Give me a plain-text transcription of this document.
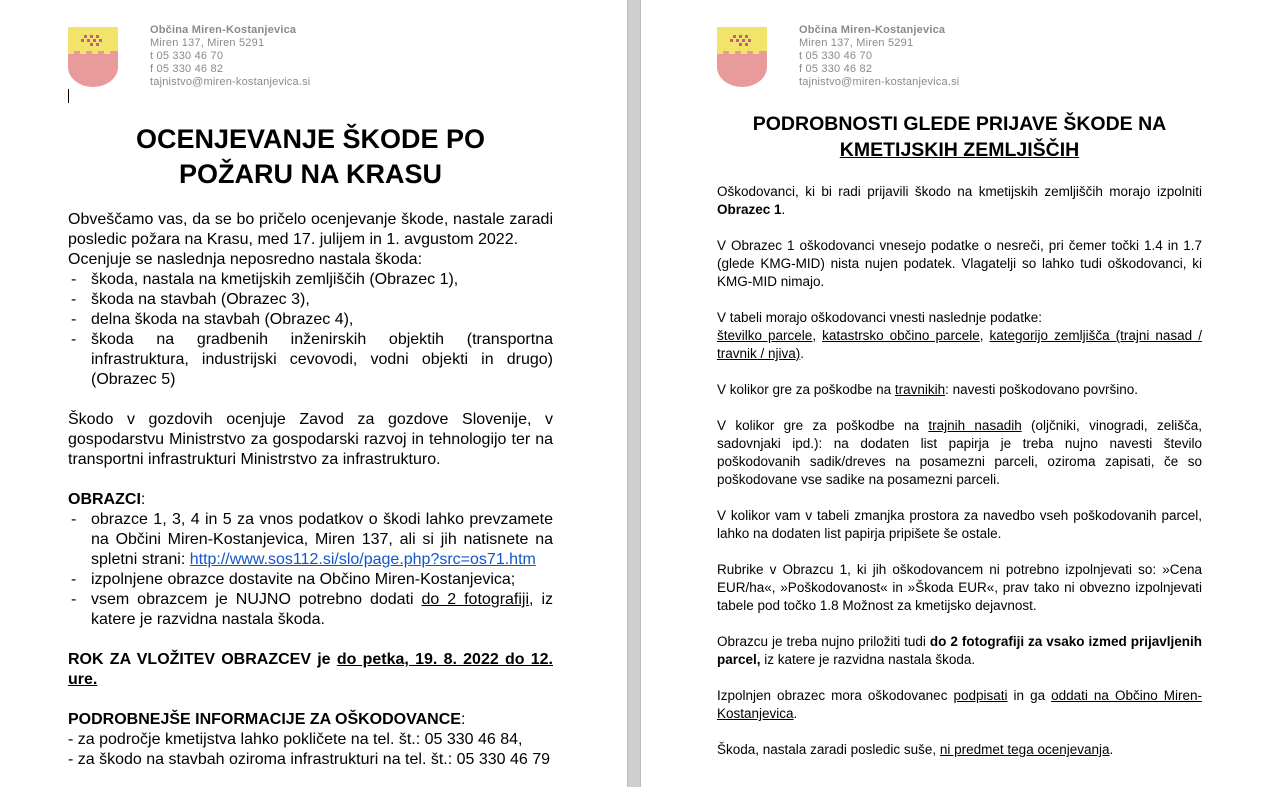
Občina Miren-Kostanjevica
Miren 137, Miren 5291
t 05 330 46 70
f 05 330 46 82
tajnistvo@miren-kostanjevica.si
OCENJEVANJE ŠKODE PO
POŽARU NA KRASU

Obveščamo vas, da se bo pričelo ocenjevanje škode, nastale zaradi posledic požara na Krasu, med 17. julijem in 1. avgustom 2022.

Ocenjuje se naslednja neposredno nastala škoda:

- škoda, nastala na kmetijskih zemljiščih (Obrazec 1),
- škoda na stavbah (Obrazec 3),
- delna škoda na stavbah (Obrazec 4),
- škoda na gradbenih inženirskih objektih (transportna infrastruktura, industrijski cevovodi, vodni objekti in drugo) (Obrazec 5)

Škodo v gozdovih ocenjuje Zavod za gozdove Slovenije, v gospodarstvu Ministrstvo za gospodarski razvoj in tehnologijo ter na transportni infrastrukturi Ministrstvo za infrastrukturo.

OBRAZCI:

- obrazce 1, 3, 4 in 5 za vnos podatkov o škodi lahko prevzamete na Občini Miren-Kostanjevica, Miren 137, ali si jih natisnete na spletni strani: http://www.sos112.si/slo/page.php?src=os71.htm
- izpolnjene obrazce dostavite na Občino Miren-Kostanjevica;
- vsem obrazcem je NUJNO potrebno dodati do 2 fotografiji, iz katere je razvidna nastala škoda.

ROK ZA VLOŽITEV OBRAZCEV je do petka, 19. 8. 2022 do 12. ure.

PODROBNEJŠE INFORMACIJE ZA OŠKODOVANCE:

- za področje kmetijstva lahko pokličete na tel. št.: 05 330 46 84,

- za škodo na stavbah oziroma infrastrukturi na tel. št.: 05 330 46 79

Občina Miren-Kostanjevica
Miren 137, Miren 5291
t 05 330 46 70
f 05 330 46 82
tajnistvo@miren-kostanjevica.si
PODROBNOSTI GLEDE PRIJAVE ŠKODE NA
KMETIJSKIH ZEMLJIŠČIH

Oškodovanci, ki bi radi prijavili škodo na kmetijskih zemljiščih morajo izpolniti Obrazec 1.

V Obrazec 1 oškodovanci vnesejo podatke o nesreči, pri čemer točki 1.4 in 1.7 (glede KMG-MID) nista nujen podatek. Vlagatelji so lahko tudi oškodovanci, ki KMG-MID nimajo.

V tabeli morajo oškodovanci vnesti naslednje podatke:
številko parcele, katastrsko občino parcele, kategorijo zemljišča (trajni nasad / travnik / njiva).

V kolikor gre za poškodbe na travnikih: navesti poškodovano površino.

V kolikor gre za poškodbe na trajnih nasadih (oljčniki, vinogradi, zelišča, sadovnjaki ipd.): na dodaten list papirja je treba nujno navesti število poškodovanih sadik/dreves na posamezni parceli, oziroma zapisati, če so poškodovane vse sadike na posamezni parceli.

V kolikor vam v tabeli zmanjka prostora za navedbo vseh poškodovanih parcel, lahko na dodaten list papirja pripišete še ostale.

Rubrike v Obrazcu 1, ki jih oškodovancem ni potrebno izpolnjevati so: »Cena EUR/ha«, »Poškodovanost« in »Škoda EUR«, prav tako ni obvezno izpolnjevati tabele pod točko 1.8 Možnost za kmetijsko dejavnost.

Obrazcu je treba nujno priložiti tudi do 2 fotografiji za vsako izmed prijavljenih parcel, iz katere je razvidna nastala škoda.

Izpolnjen obrazec mora oškodovanec podpisati in ga oddati na Občino Miren-Kostanjevica.

Škoda, nastala zaradi posledic suše, ni predmet tega ocenjevanja.
